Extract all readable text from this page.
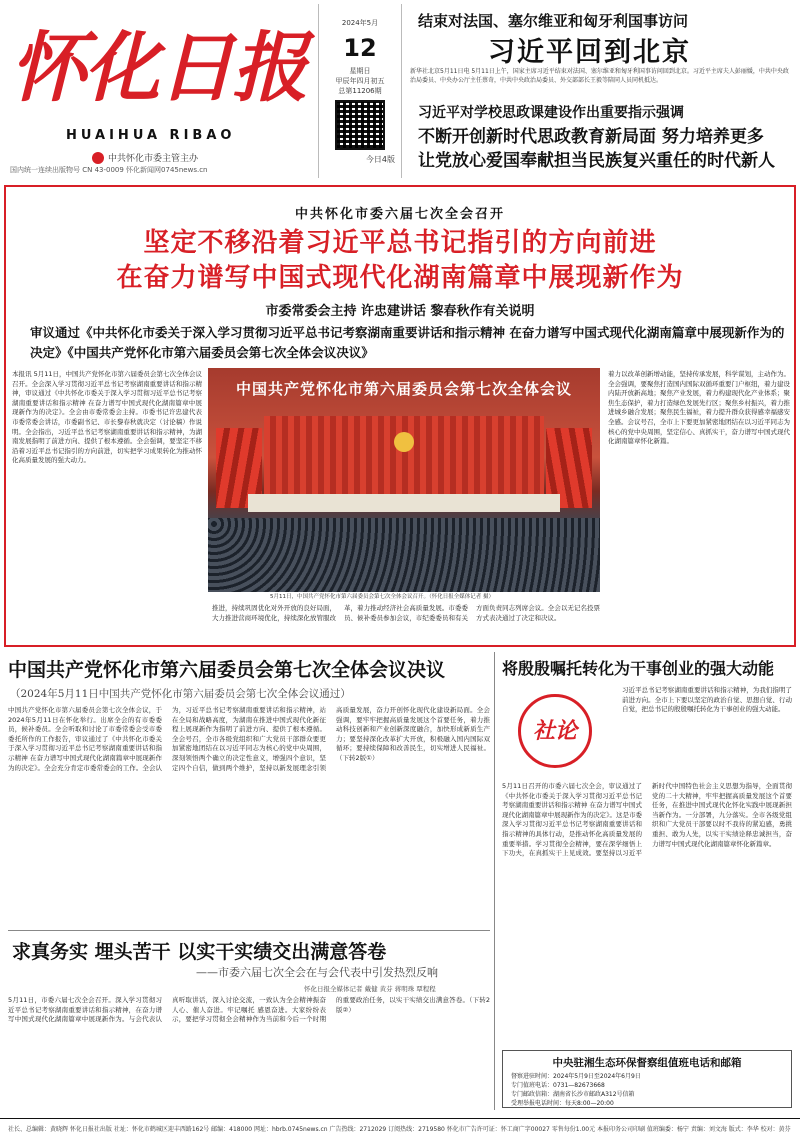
怀化日报
HUAIHUA RIBAO
中共怀化市委主管主办
国内统一连续出版物号 CN 43-0009 怀化新闻网0745news.cn
2024年5月
12
星期日
甲辰年四月初五
总第11206期
今日4版
结束对法国、塞尔维亚和匈牙利国事访问
习近平回到北京
新华社北京5月11日电 5月11日上午，国家主席习近平结束对法国、塞尔维亚和匈牙利国事访问回到北京。习近平主席夫人彭丽媛，中共中央政治局委员、中央办公厅主任蔡奇，中共中央政治局委员、外交部部长王毅等陪同人员同机抵达。
习近平对学校思政课建设作出重要指示强调
不断开创新时代思政教育新局面 努力培养更多
让党放心爱国奉献担当民族复兴重任的时代新人
中共怀化市委六届七次全会召开
坚定不移沿着习近平总书记指引的方向前进
在奋力谱写中国式现代化湖南篇章中展现新作为
市委常委会主持 许忠建讲话 黎春秋作有关说明
审议通过《中共怀化市委关于深入学习贯彻习近平总书记考察湖南重要讲话和指示精神 在奋力谱写中国式现代化湖南篇章中展现新作为的决定》《中国共产党怀化市第六届委员会第七次全体会议决议》
本报讯 5月11日，中国共产党怀化市第六届委员会第七次全体会议召开。全会深入学习贯彻习近平总书记考察湖南重要讲话和指示精神，审议通过《中共怀化市委关于深入学习贯彻习近平总书记考察湖南重要讲话和指示精神 在奋力谱写中国式现代化湖南篇章中展现新作为的决定》。全会由市委常委会主持。市委书记许忠建代表市委常委会讲话，市委副书记、市长黎春秋就决定（讨论稿）作说明。全会指出，习近平总书记考察湖南重要讲话和指示精神，为湖南发展指明了前进方向、提供了根本遵循。全会强调，要坚定不移沿着习近平总书记指引的方向前进，切实把学习成果转化为推动怀化高质量发展的强大动力。
中国共产党怀化市第六届委员会第七次全体会议
5月11日，中国共产党怀化市第六届委员会第七次全体会议召开。（怀化日报全媒体记者 摄）
推进，持续巩固优化对外开放的良好局面，大力推进营商环境优化，持续深化放管服改革，着力推动经济社会高质量发展。市委委员、候补委员参加会议，市纪委委员和有关方面负责同志列席会议。全会以无记名投票方式表决通过了决定和决议。
着力以改革创新增动能，坚持传承发展，科学谋划，主动作为。全会强调，要聚焦打造国内国际双循环重要门户枢纽，着力建设内陆开放新高地；聚焦产业发展，着力构建现代化产业体系；聚焦生态保护，着力打造绿色发展先行区；聚焦乡村振兴，着力推进城乡融合发展；聚焦民生福祉，着力提升群众获得感幸福感安全感。会议号召，全市上下要更加紧密地团结在以习近平同志为核心的党中央周围，坚定信心、真抓实干，奋力谱写中国式现代化湖南篇章怀化新篇。
中国共产党怀化市第六届委员会第七次全体会议决议
（2024年5月11日中国共产党怀化市第六届委员会第七次全体会议通过）
中国共产党怀化市第六届委员会第七次全体会议，于2024年5月11日在怀化举行。出席全会的有市委委员，候补委员。全会听取和讨论了市委常委会受市委委托所作的工作报告，审议通过了《中共怀化市委关于深入学习贯彻习近平总书记考察湖南重要讲话和指示精神 在奋力谱写中国式现代化湖南篇章中展现新作为的决定》。全会充分肯定市委常委会的工作。全会认为，习近平总书记考察湖南重要讲话和指示精神，站在全局和战略高度，为湖南在推进中国式现代化新征程上展现新作为指明了前进方向、提供了根本遵循。全会号召，全市各级党组织和广大党员干部群众要更加紧密地团结在以习近平同志为核心的党中央周围，深刻领悟两个确立的决定性意义，增强四个意识，坚定四个自信，做到两个维护，坚持以新发展理念引领高质量发展，奋力开创怀化现代化建设新局面。全会强调，要牢牢把握高质量发展这个首要任务，着力推动科技创新和产业创新深度融合，加快形成新质生产力；要坚持深化改革扩大开放，积极融入国内国际双循环；要持续保障和改善民生，切实增进人民福祉。（下转2版①）
求真务实 埋头苦干 以实干实绩交出满意答卷
——市委六届七次全会在与会代表中引发热烈反响
怀化日报全媒体记者 戴健 黄芬 蒋明珠 覃程程
5月11日，市委六届七次全会召开。深入学习贯彻习近平总书记考察湖南重要讲话和指示精神，在奋力谱写中国式现代化湖南篇章中展现新作为。与会代表认真听取讲话，深入讨论交流，一致认为全会精神振奋人心、催人奋进。牢记嘱托 感恩奋进。大家纷纷表示，要把学习贯彻全会精神作为当前和今后一个时期的重要政治任务，以实干实绩交出满意答卷。（下转2版②）
将殷殷嘱托转化为干事创业的强大动能
社论
习近平总书记考察湖南重要讲话和指示精神，为我们指明了前进方向。全市上下要以坚定的政治自觉、思想自觉、行动自觉，把总书记的殷殷嘱托转化为干事创业的强大动能。
5月11日召开的市委六届七次全会，审议通过了《中共怀化市委关于深入学习贯彻习近平总书记考察湖南重要讲话和指示精神 在奋力谱写中国式现代化湖南篇章中展现新作为的决定》。这是市委深入学习贯彻习近平总书记考察湖南重要讲话和指示精神的具体行动，是推动怀化高质量发展的重要举措。学习贯彻全会精神，要在深学细悟上下功夫，在真抓实干上见成效。要坚持以习近平新时代中国特色社会主义思想为指导，全面贯彻党的二十大精神，牢牢把握高质量发展这个首要任务，在推进中国式现代化怀化实践中展现新担当新作为。一分部署，九分落实。全市各级党组织和广大党员干部要以时不我待的紧迫感，勇挑重担、敢为人先，以实干实绩诠释忠诚担当，奋力谱写中国式现代化湖南篇章怀化新篇章。
中央驻湘生态环保督察组值班电话和邮箱
督察进驻时间：2024年5月9日至2024年6月9日
专门值班电话：0731—82673668
专门邮政信箱：湖南省长沙市邮政A312号信箱
受理举报电话时间：每天8:00—20:00
社长、总编辑：黄晓辉 怀化日报社出版 社址：怀化市鹤城区迎丰西路162号 邮编：418000 网址：hbrb.0745news.cn 广告热线：2712029 订阅热线：2719580 怀化市广告许可证：怀工商广字00027 零售每份1.00元 本报印务公司印刷 值班编委：杨宁 责编：刘文海 版式：李华 校对：黄芬
